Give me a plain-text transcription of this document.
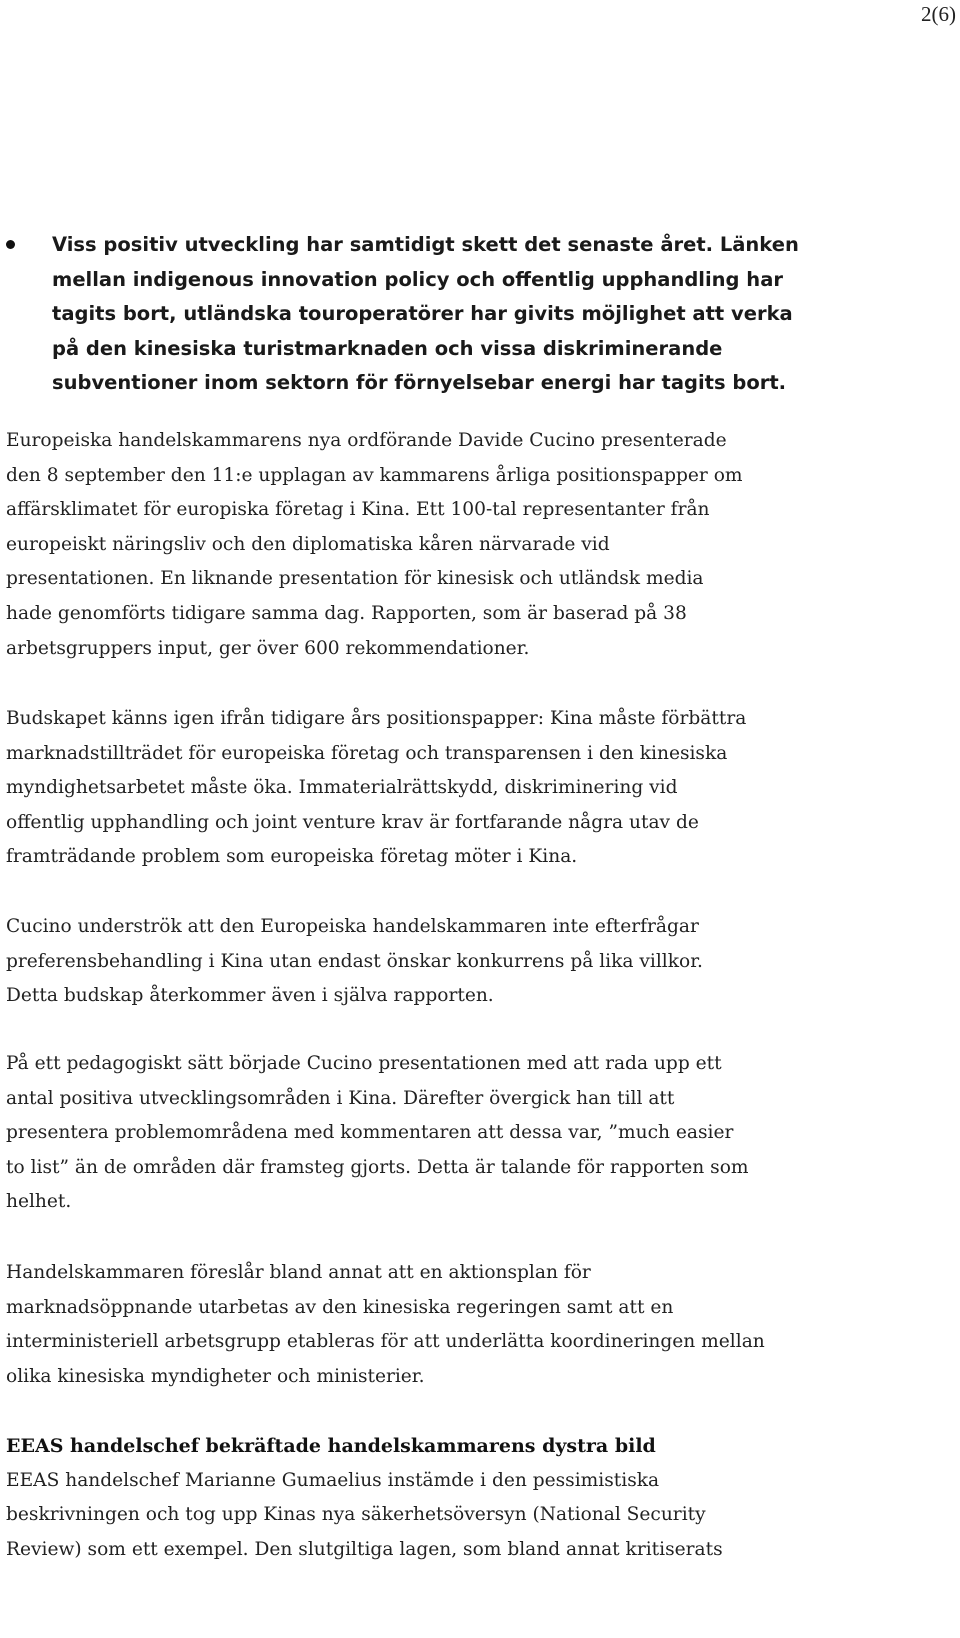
2(6)
Viss positiv utveckling har samtidigt skett det senaste året. Länken
mellan indigenous innovation policy och offentlig upphandling har
tagits bort, utländska touroperatörer har givits möjlighet att verka
på den kinesiska turistmarknaden och vissa diskriminerande
subventioner inom sektorn för förnyelsebar energi har tagits bort.
Europeiska handelskammarens nya ordförande Davide Cucino presenterade
den 8 september den 11:e upplagan av kammarens årliga positionspapper om
affärsklimatet för europiska företag i Kina. Ett 100-tal representanter från
europeiskt näringsliv och den diplomatiska kåren närvarade vid
presentationen. En liknande presentation för kinesisk och utländsk media
hade genomförts tidigare samma dag. Rapporten, som är baserad på 38
arbetsgruppers input, ger över 600 rekommendationer.
Budskapet känns igen ifrån tidigare års positionspapper: Kina måste förbättra
marknadstillträdet för europeiska företag och transparensen i den kinesiska
myndighetsarbetet måste öka. Immaterialrättskydd, diskriminering vid
offentlig upphandling och joint venture krav är fortfarande några utav de
framträdande problem som europeiska företag möter i Kina.
Cucino underströk att den Europeiska handelskammaren inte efterfrågar
preferensbehandling i Kina utan endast önskar konkurrens på lika villkor.
Detta budskap återkommer även i själva rapporten.
På ett pedagogiskt sätt började Cucino presentationen med att rada upp ett
antal positiva utvecklingsområden i Kina. Därefter övergick han till att
presentera problemområdena med kommentaren att dessa var, ”much easier
to list” än de områden där framsteg gjorts. Detta är talande för rapporten som
helhet.
Handelskammaren föreslår bland annat att en aktionsplan för
marknadsöppnande utarbetas av den kinesiska regeringen samt att en
interministeriell arbetsgrupp etableras för att underlätta koordineringen mellan
olika kinesiska myndigheter och ministerier.
EEAS handelschef bekräftade handelskammarens dystra bild
EEAS handelschef Marianne Gumaelius instämde i den pessimistiska
beskrivningen och tog upp Kinas nya säkerhetsöversyn (National Security
Review) som ett exempel. Den slutgiltiga lagen, som bland annat kritiserats
